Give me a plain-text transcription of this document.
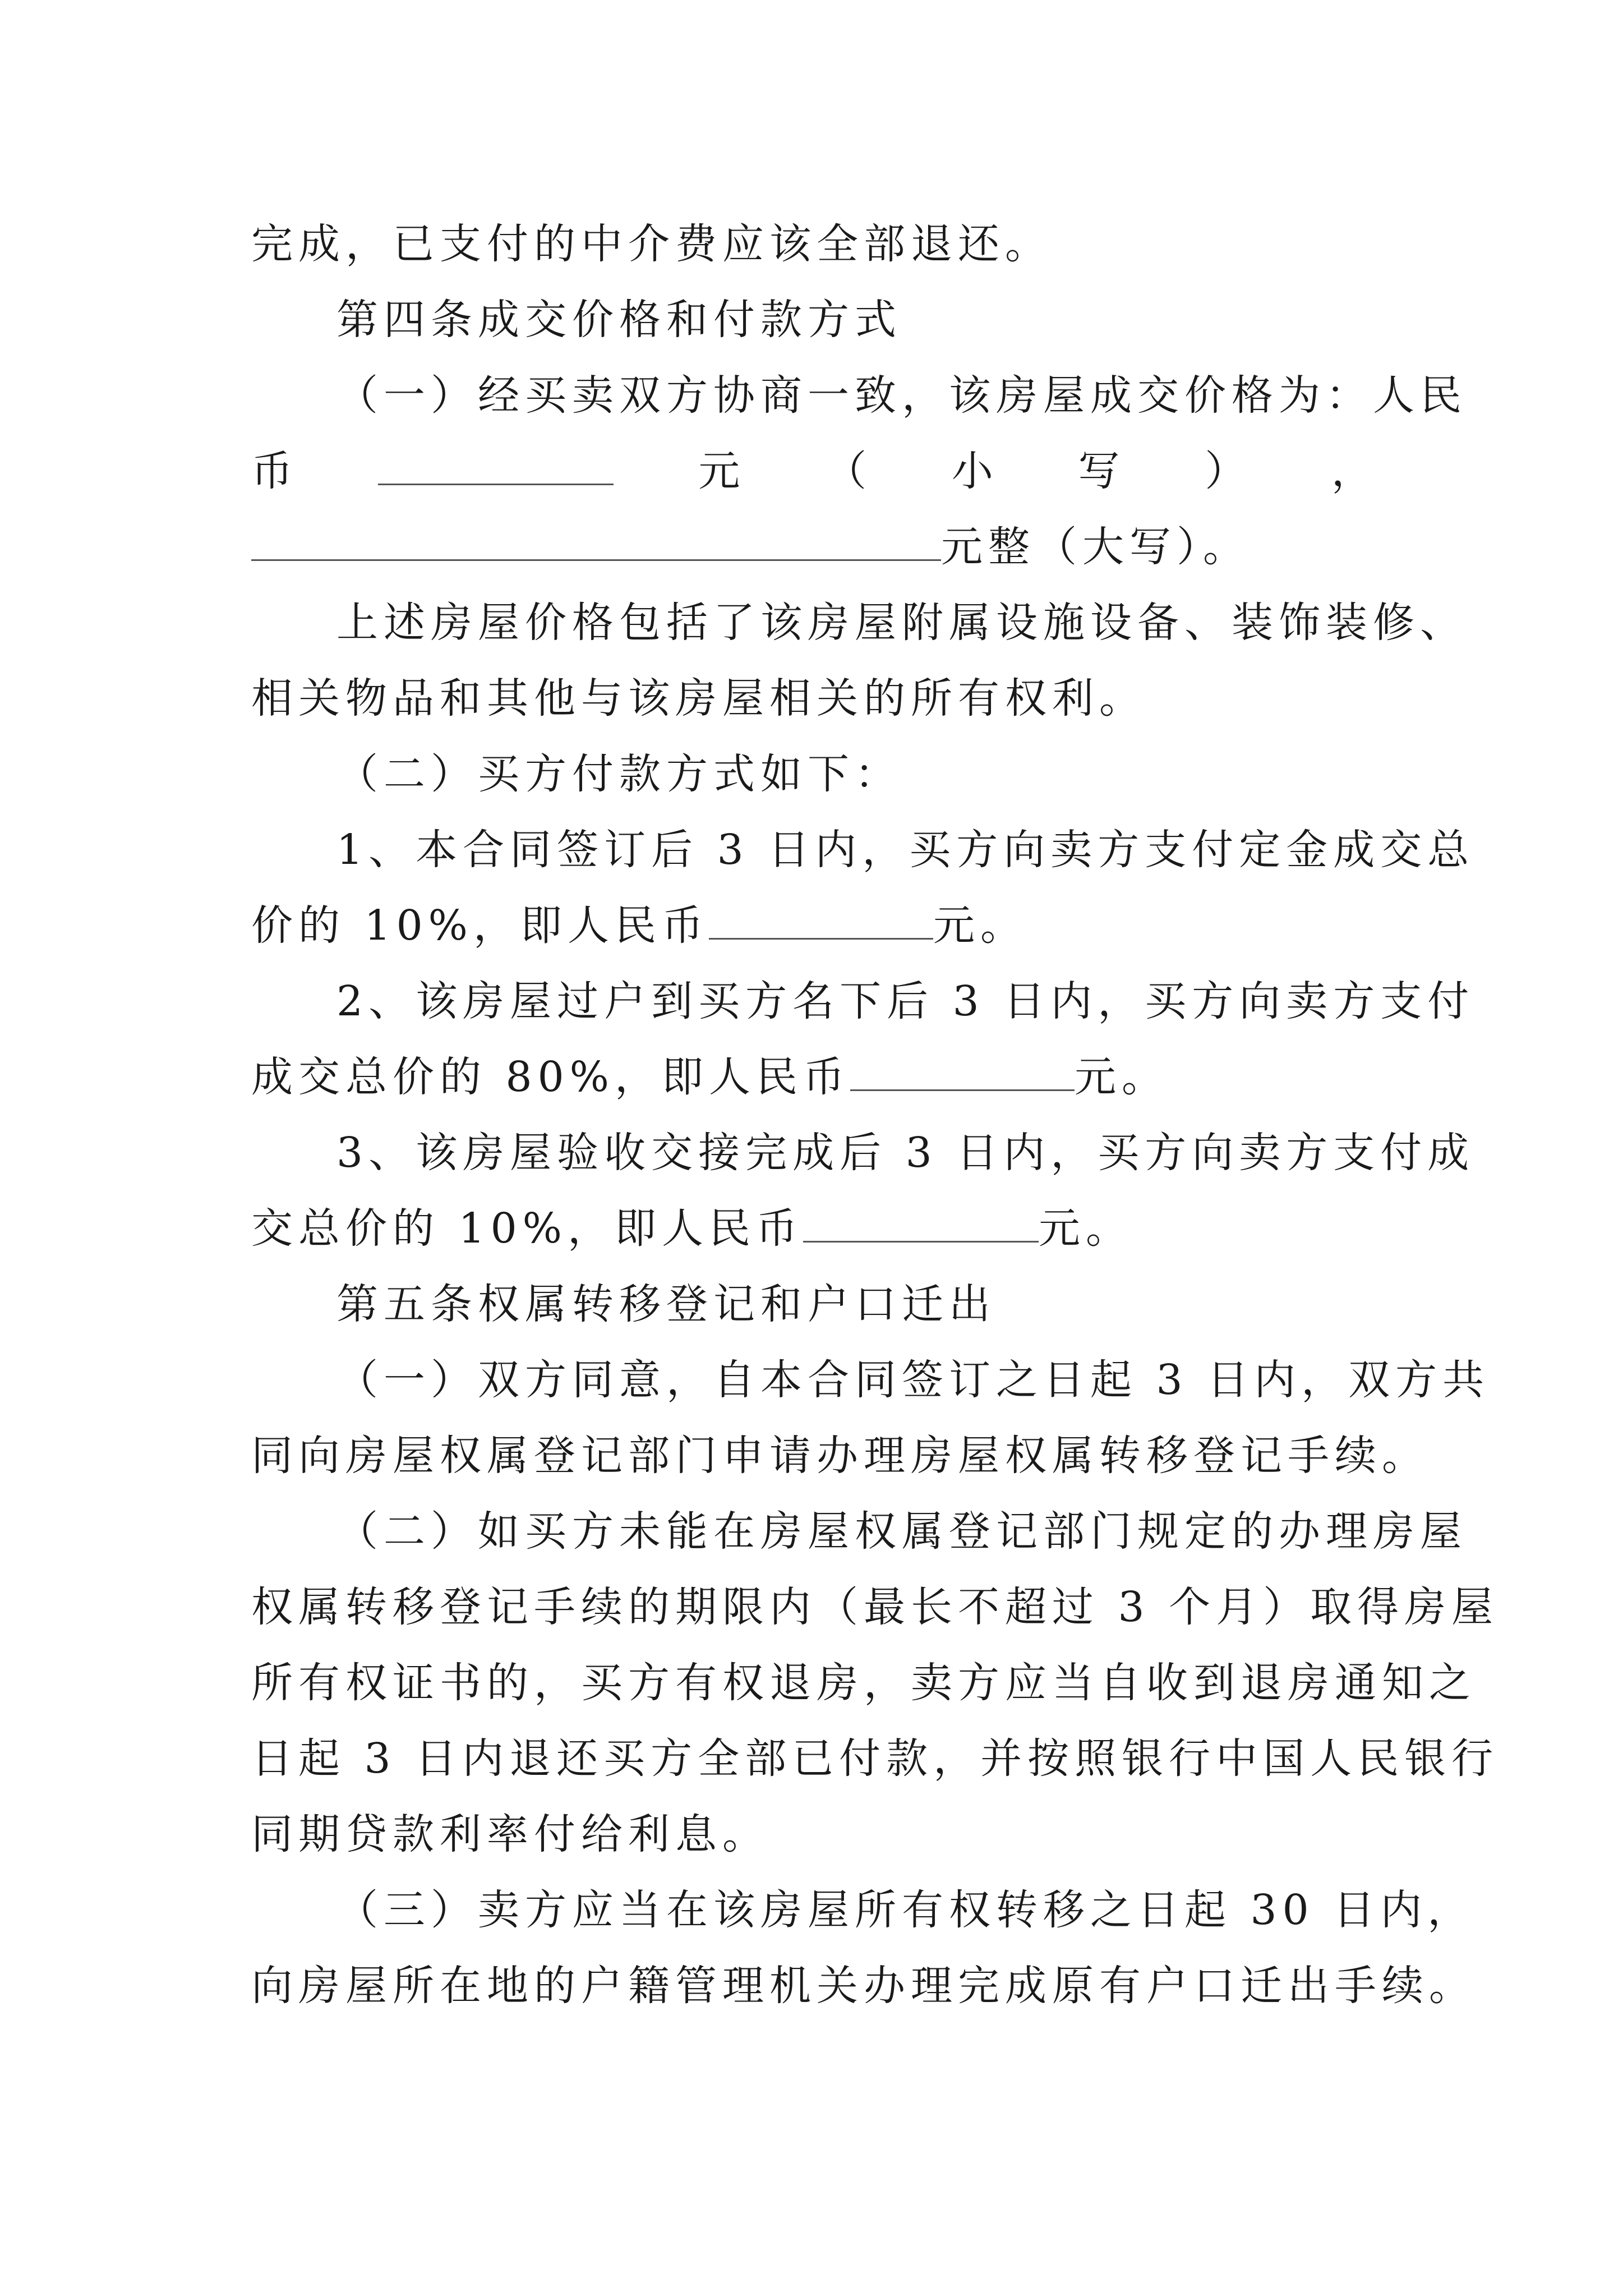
完成，已支付的中介费应该全部退还。
第四条成交价格和付款方式
（一）经买卖双方协商一致，该房屋成交价格为：人民
币	元 （ 小 写 ） ，
元整（大写）。
上述房屋价格包括了该房屋附属设施设备、装饰装修、
相关物品和其他与该房屋相关的所有权利。
（二）买方付款方式如下：
1、本合同签订后 3 日内，买方向卖方支付定金成交总
价的 10%，即人民币	元。
2、该房屋过户到买方名下后 3 日内，买方向卖方支付
成交总价的 80%，即人民币	元。
3、该房屋验收交接完成后 3 日内，买方向卖方支付成
交总价的 10%，即人民币	元。
第五条权属转移登记和户口迁出
（一）双方同意，自本合同签订之日起 3 日内，双方共
同向房屋权属登记部门申请办理房屋权属转移登记手续。
（二）如买方未能在房屋权属登记部门规定的办理房屋
权属转移登记手续的期限内（最长不超过 3 个月）取得房屋
所有权证书的，买方有权退房，卖方应当自收到退房通知之
日起 3 日内退还买方全部已付款，并按照银行中国人民银行
同期贷款利率付给利息。
（三）卖方应当在该房屋所有权转移之日起 30 日内，
向房屋所在地的户籍管理机关办理完成原有户口迁出手续。
